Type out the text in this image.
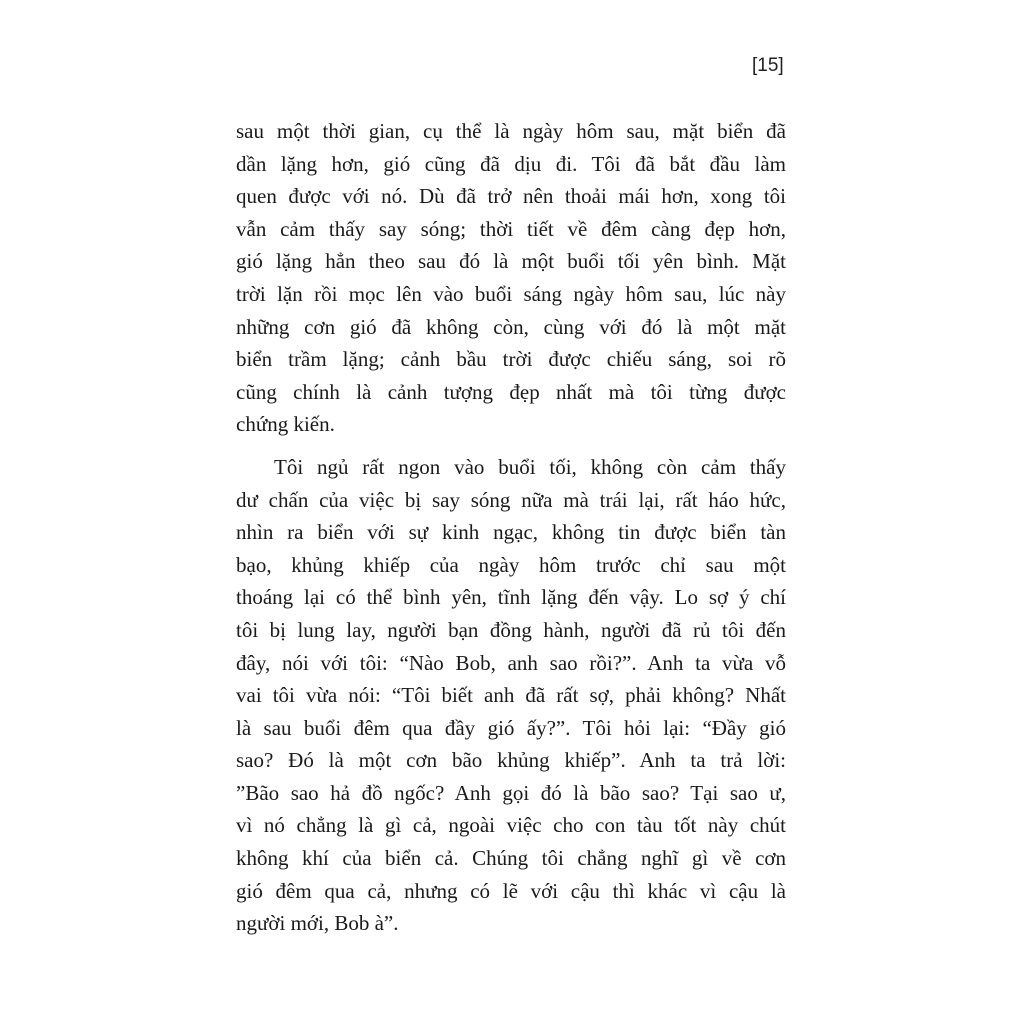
[15]
sau một thời gian, cụ thể là ngày hôm sau, mặt biển đã
dần lặng hơn, gió cũng đã dịu đi. Tôi đã bắt đầu làm
quen được với nó. Dù đã trở nên thoải mái hơn, xong tôi
vẫn cảm thấy say sóng; thời tiết về đêm càng đẹp hơn,
gió lặng hẳn theo sau đó là một buổi tối yên bình. Mặt
trời lặn rồi mọc lên vào buổi sáng ngày hôm sau, lúc này
những cơn gió đã không còn, cùng với đó là một mặt
biển trầm lặng; cảnh bầu trời được chiếu sáng, soi rõ
cũng chính là cảnh tượng đẹp nhất mà tôi từng được
chứng kiến.
Tôi ngủ rất ngon vào buổi tối, không còn cảm thấy
dư chấn của việc bị say sóng nữa mà trái lại, rất háo hức,
nhìn ra biển với sự kinh ngạc, không tin được biển tàn
bạo, khủng khiếp của ngày hôm trước chỉ sau một
thoáng lại có thể bình yên, tĩnh lặng đến vậy. Lo sợ ý chí
tôi bị lung lay, người bạn đồng hành, người đã rủ tôi đến
đây, nói với tôi: “Nào Bob, anh sao rồi?”. Anh ta vừa vỗ
vai tôi vừa nói: “Tôi biết anh đã rất sợ, phải không? Nhất
là sau buổi đêm qua đầy gió ấy?”. Tôi hỏi lại: “Đầy gió
sao? Đó là một cơn bão khủng khiếp”. Anh ta trả lời:
”Bão sao hả đồ ngốc? Anh gọi đó là bão sao? Tại sao ư,
vì nó chẳng là gì cả, ngoài việc cho con tàu tốt này chút
không khí của biển cả. Chúng tôi chẳng nghĩ gì về cơn
gió đêm qua cả, nhưng có lẽ với cậu thì khác vì cậu là
người mới, Bob à”.
